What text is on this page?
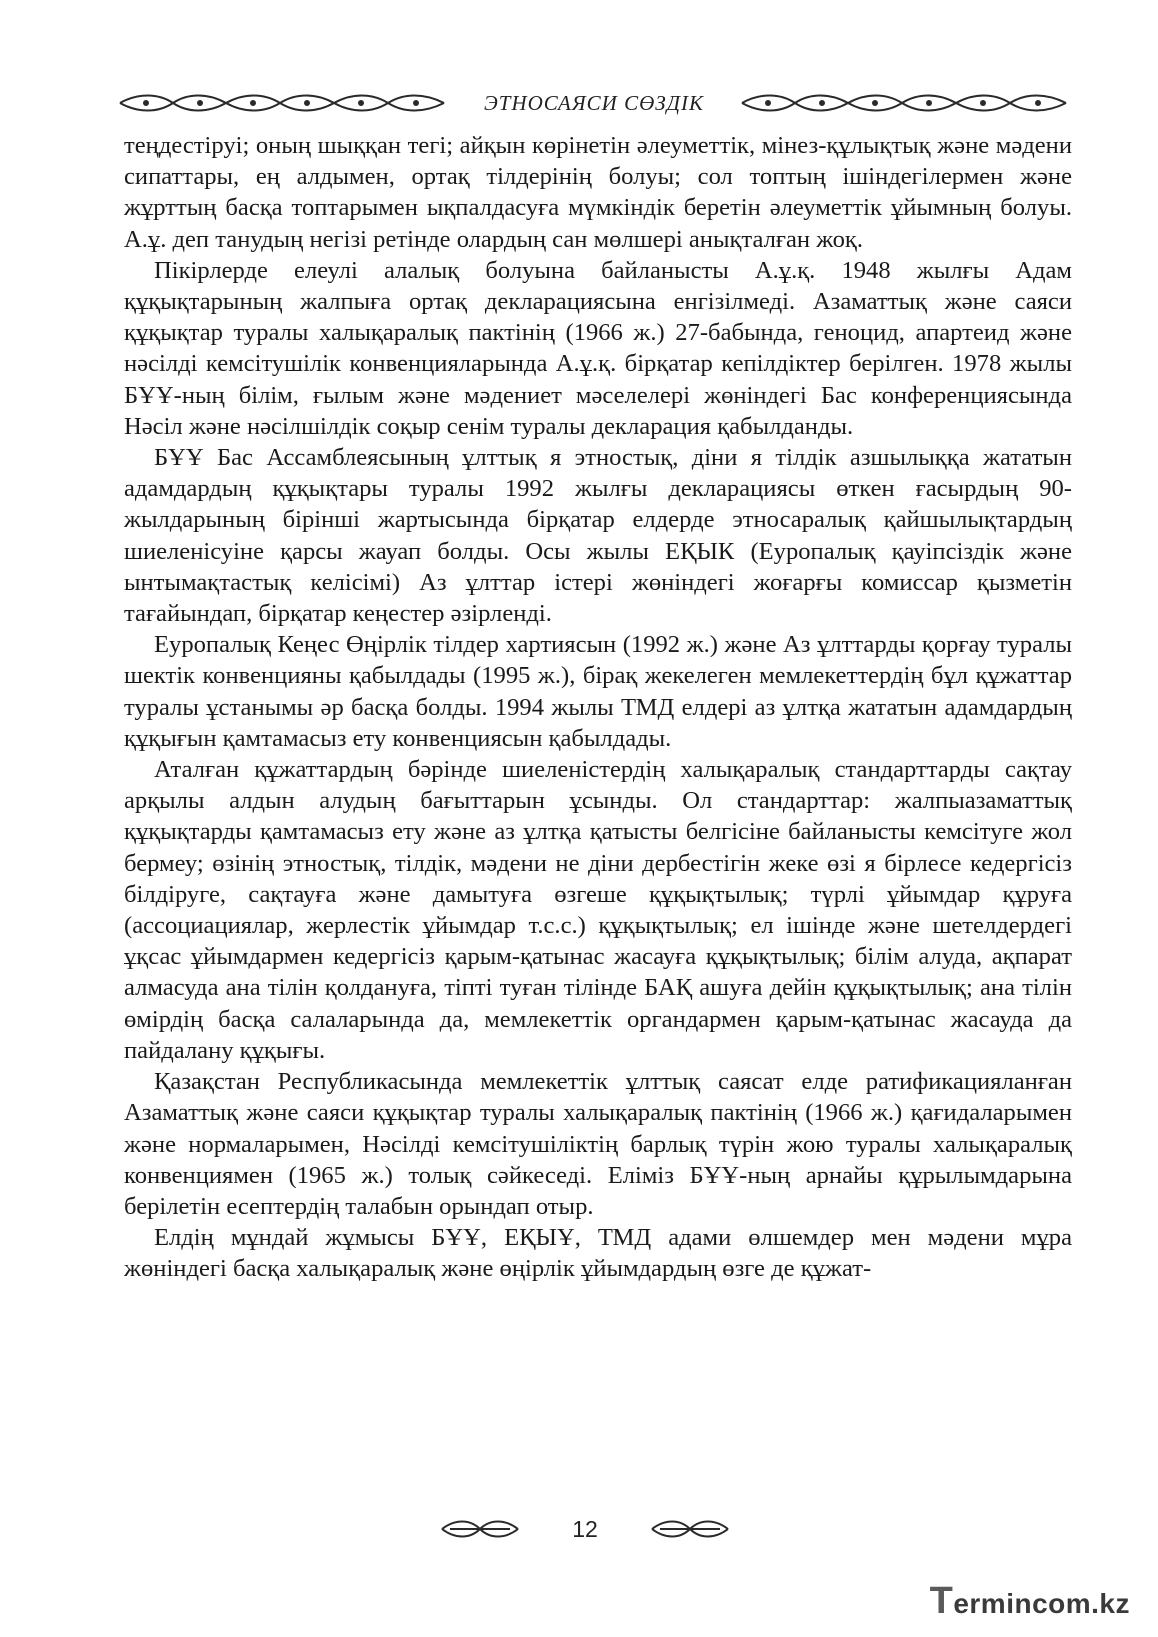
ЭТНОСАЯСИ СӨЗДІК

теңдестіруі; оның шыққан тегі; айқын көрінетін әлеуметтік, мінез-құлықтық және мәдени сипаттары, ең алдымен, ортақ тілдерінің болуы; сол топтың ішіндегілермен және жұрттың басқа топтарымен ықпалдасуға мүмкіндік беретін әлеуметтік ұйымның болуы. А.ұ. деп танудың негізі ретінде олардың сан мөлшері анықталған жоқ.

Пікірлерде елеулі алалық болуына байланысты А.ұ.қ. 1948 жылғы Адам құқықтарының жалпыға ортақ декларациясына енгізілмеді. Азаматтық және саяси құқықтар туралы халықаралық пактінің (1966 ж.) 27-бабында, геноцид, апартеид және нәсілді кемсітушілік конвенцияларында А.ұ.қ. бірқатар кепілдіктер берілген. 1978 жылы БҰҰ-ның білім, ғылым және мәдениет мәселелері жөніндегі Бас конференциясында Нәсіл және нәсілшілдік соқыр сенім туралы декларация қабылданды.

БҰҰ Бас Ассамблеясының ұлттық я этностық, діни я тілдік азшылыққа жататын адамдардың құқықтары туралы 1992 жылғы декларациясы өткен ғасырдың 90-жылдарының бірінші жартысында бірқатар елдерде этносаралық қайшылықтардың шиеленісуіне қарсы жауап болды. Осы жылы ЕҚЫК (Еуропалық қауіпсіздік және ынтымақтастық келісімі) Аз ұлттар істері жөніндегі жоғарғы комиссар қызметін тағайындап, бірқатар кеңестер әзірленді.

Еуропалық Кеңес Өңірлік тілдер хартиясын (1992 ж.) және Аз ұлттарды қорғау туралы шектік конвенцияны қабылдады (1995 ж.), бірақ жекелеген мемлекеттердің бұл құжаттар туралы ұстанымы әр басқа болды. 1994 жылы ТМД елдері аз ұлтқа жататын адамдардың құқығын қамтамасыз ету конвенциясын қабылдады.

Аталған құжаттардың бәрінде шиеленістердің халықаралық стандарттарды сақтау арқылы алдын алудың бағыттарын ұсынды. Ол стандарттар: жалпыазаматтық құқықтарды қамтамасыз ету және аз ұлтқа қатысты белгісіне байланысты кемсітуге жол бермеу; өзінің этностық, тілдік, мәдени не діни дербестігін жеке өзі я бірлесе кедергісіз білдіруге, сақтауға және дамытуға өзгеше құқықтылық; түрлі ұйымдар құруға (ассоциациялар, жерлестік ұйымдар т.с.с.) құқықтылық; ел ішінде және шетелдердегі ұқсас ұйымдармен кедергісіз қарым-қатынас жасауға құқықтылық; білім алуда, ақпарат алмасуда ана тілін қолдануға, тіпті туған тілінде БАҚ ашуға дейін құқықтылық; ана тілін өмірдің басқа салаларында да, мемлекеттік органдармен қарым-қатынас жасауда да пайдалану құқығы.

Қазақстан Республикасында мемлекеттік ұлттық саясат елде ратификацияланған Азаматтық және саяси құқықтар туралы халықаралық пактінің (1966 ж.) қағидаларымен және нормаларымен, Нәсілді кемсітушіліктің барлық түрін жою туралы халықаралық конвенциямен (1965 ж.) толық сәйкеседі. Еліміз БҰҰ-ның арнайы құрылымдарына берілетін есептердің талабын орындап отыр.

Елдің мұндай жұмысы БҰҰ, ЕҚЫҰ, ТМД адами өлшемдер мен мәдени мұра жөніндегі басқа халықаралық және өңірлік ұйымдардың өзге де құжат-

12
Termincom.kz
